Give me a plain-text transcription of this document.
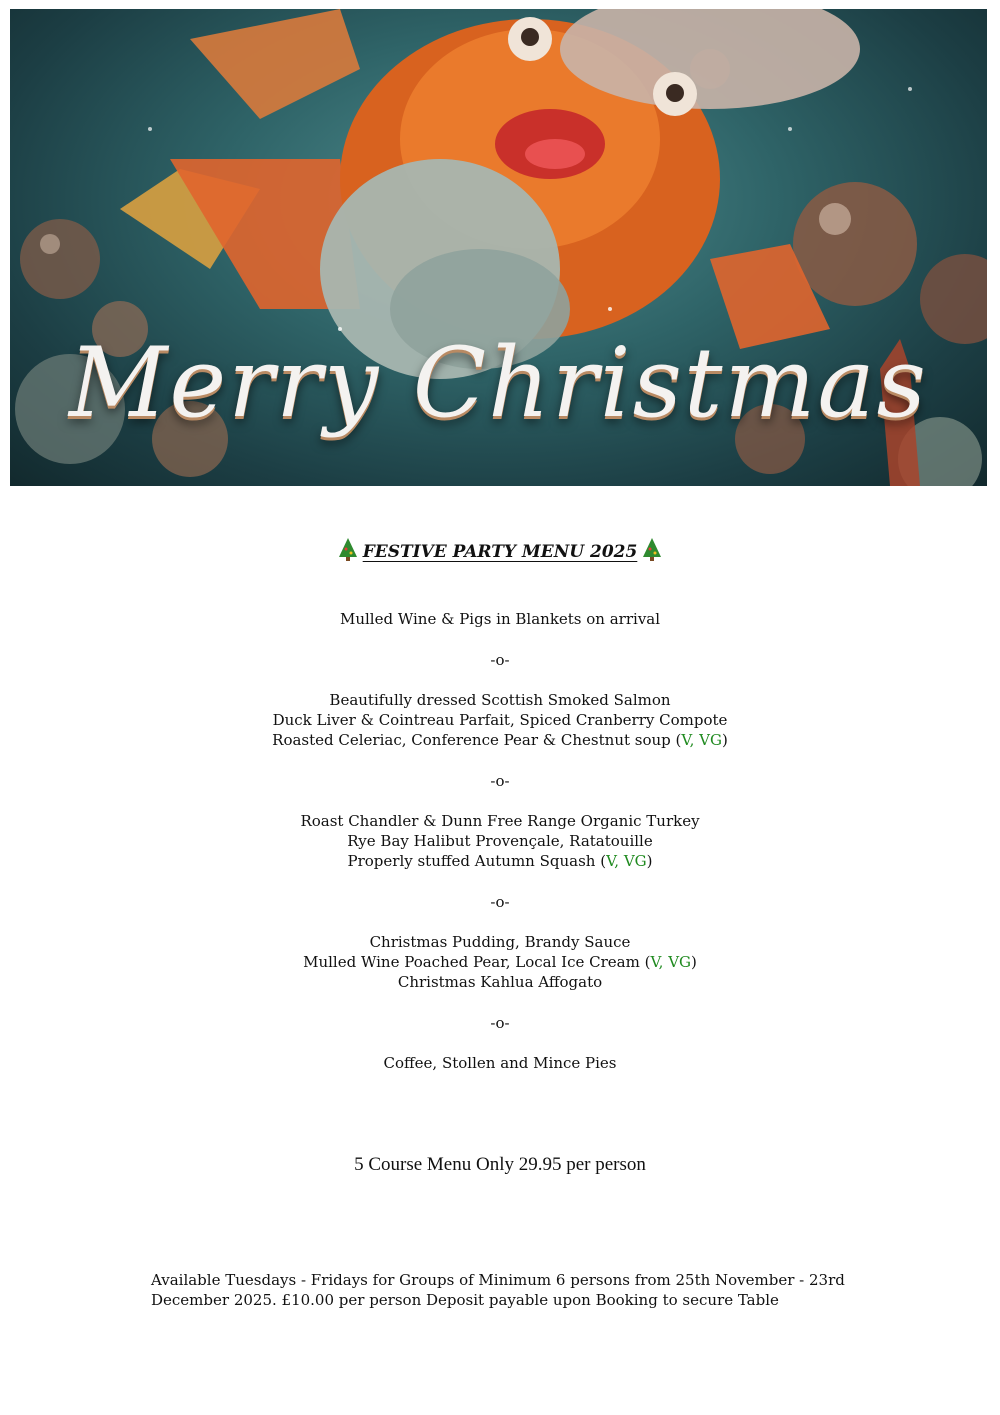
Merry Christmas
FESTIVE PARTY MENU 2025
Mulled Wine & Pigs in Blankets on arrival
-o-
Beautifully dressed Scottish Smoked Salmon
Duck Liver & Cointreau Parfait, Spiced Cranberry Compote
Roasted Celeriac, Conference Pear & Chestnut soup (V, VG)
-o-
Roast Chandler & Dunn Free Range Organic Turkey
Rye Bay Halibut Provençale, Ratatouille
Properly stuffed Autumn Squash (V, VG)
-o-
Christmas Pudding, Brandy Sauce
Mulled Wine Poached Pear, Local Ice Cream (V, VG)
Christmas Kahlua Affogato
-o-
Coffee, Stollen and Mince Pies
5 Course Menu Only 29.95 per person
Available Tuesdays - Fridays for Groups of Minimum 6 persons from 25th November - 23rd December 2025. £10.00 per person Deposit payable upon Booking to secure Table
